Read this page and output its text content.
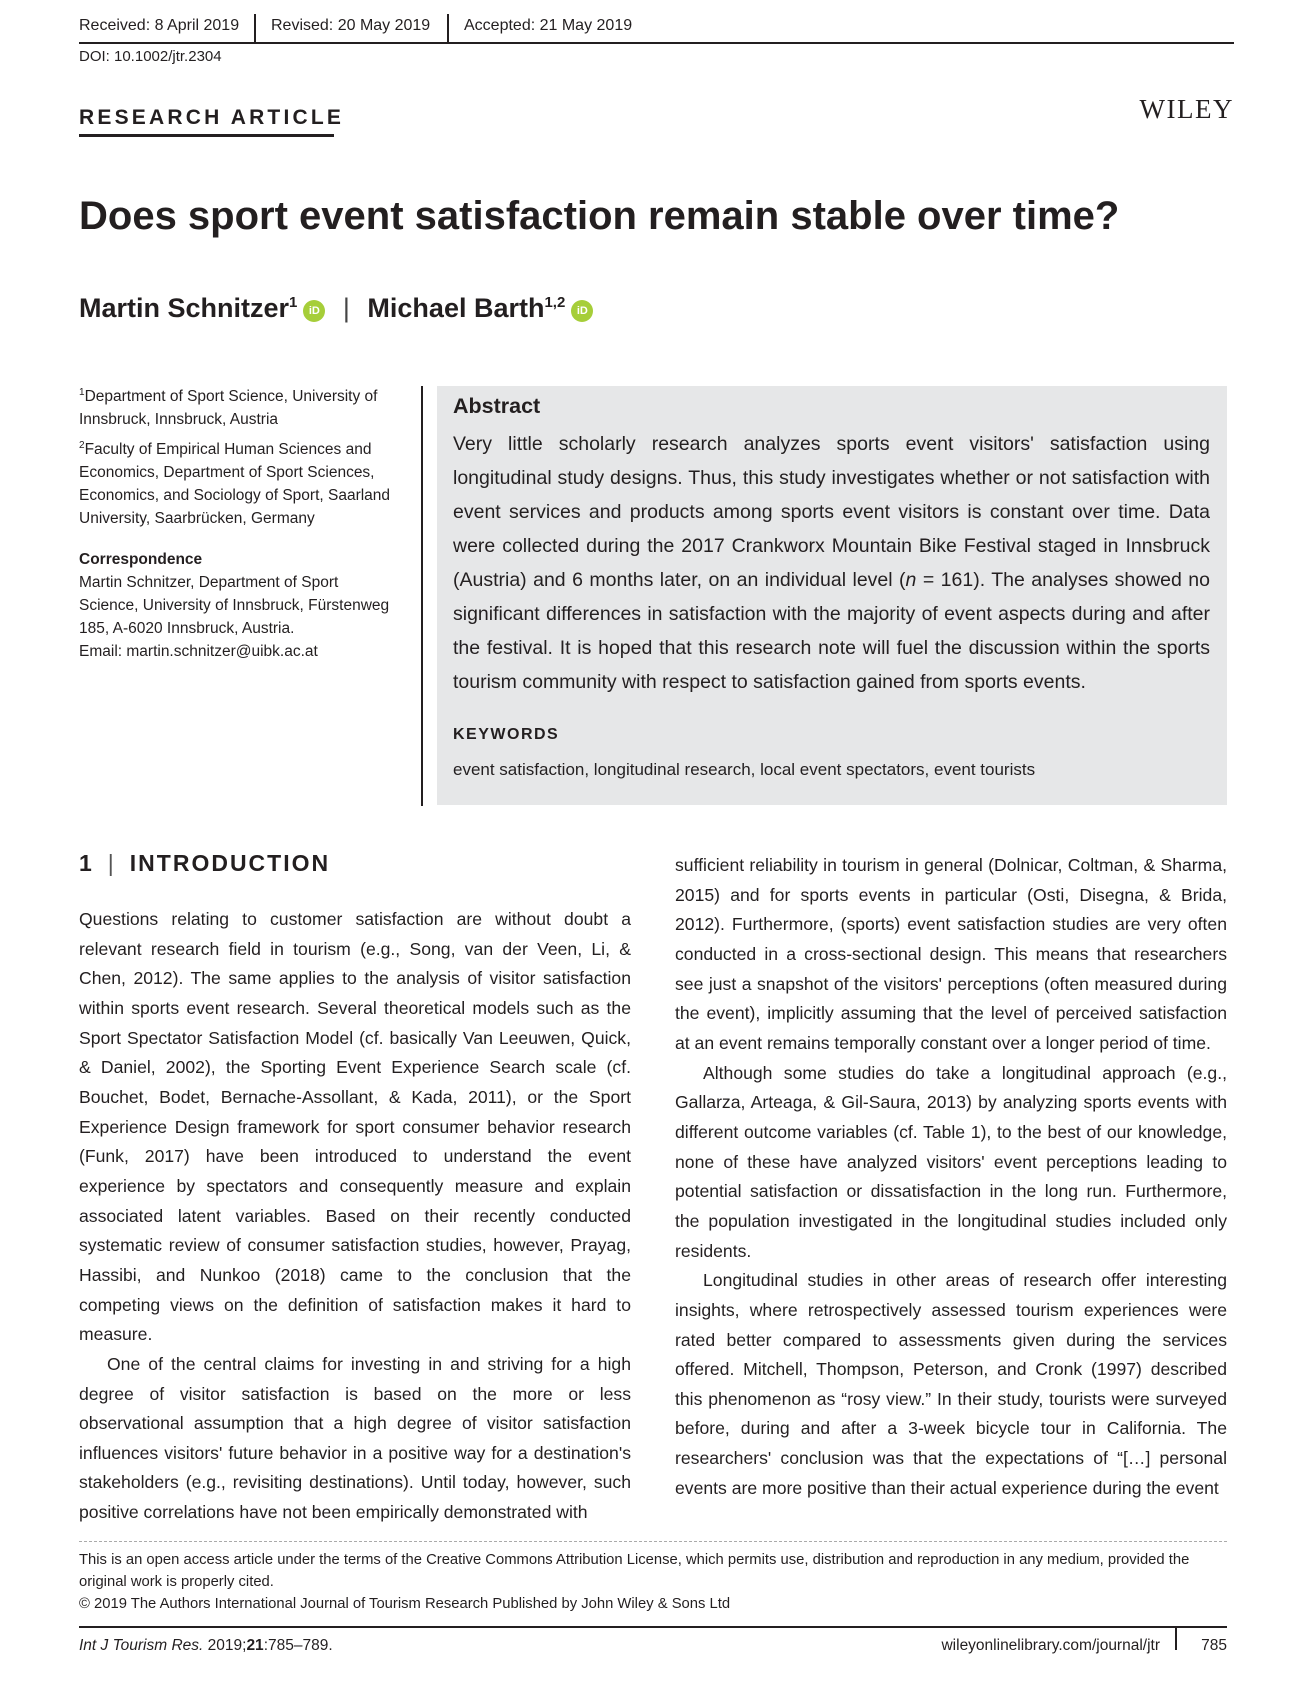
Received: 8 April 2019 Revised: 20 May 2019 Accepted: 21 May 2019
DOI: 10.1002/jtr.2304
RESEARCH ARTICLE	WILEY
Does sport event satisfaction remain stable over time?
Martin Schnitzer$^1$ iD | Michael Barth$^{1,2}$ iD
$^1$Department of Sport Science, University of Innsbruck, Innsbruck, Austria
$^2$Faculty of Empirical Human Sciences and Economics, Department of Sport Sciences, Economics, and Sociology of Sport, Saarland University, Saarbrücken, Germany
Correspondence
Martin Schnitzer, Department of Sport Science, University of Innsbruck, Fürstenweg 185, A-6020 Innsbruck, Austria.
Email: martin.schnitzer@uibk.ac.at
Abstract
Very little scholarly research analyzes sports event visitors' satisfaction using longitudinal study designs. Thus, this study investigates whether or not satisfaction with event services and products among sports event visitors is constant over time. Data were collected during the 2017 Crankworx Mountain Bike Festival staged in Innsbruck (Austria) and 6 months later, on an individual level (n = 161). The analyses showed no significant differences in satisfaction with the majority of event aspects during and after the festival. It is hoped that this research note will fuel the discussion within the sports tourism community with respect to satisfaction gained from sports events.
KEYWORDS
event satisfaction, longitudinal research, local event spectators, event tourists
1 | INTRODUCTION

Questions relating to customer satisfaction are without doubt a relevant research field in tourism (e.g., Song, van der Veen, Li, & Chen, 2012). The same applies to the analysis of visitor satisfaction within sports event research. Several theoretical models such as the Sport Spectator Satisfaction Model (cf. basically Van Leeuwen, Quick, & Daniel, 2002), the Sporting Event Experience Search scale (cf. Bouchet, Bodet, Bernache-Assollant, & Kada, 2011), or the Sport Experience Design framework for sport consumer behavior research (Funk, 2017) have been introduced to understand the event experience by spectators and consequently measure and explain associated latent variables. Based on their recently conducted systematic review of consumer satisfaction studies, however, Prayag, Hassibi, and Nunkoo (2018) came to the conclusion that the competing views on the definition of satisfaction makes it hard to measure.

One of the central claims for investing in and striving for a high degree of visitor satisfaction is based on the more or less observational assumption that a high degree of visitor satisfaction influences visitors' future behavior in a positive way for a destination's stakeholders (e.g., revisiting destinations). Until today, however, such positive correlations have not been empirically demonstrated with

sufficient reliability in tourism in general (Dolnicar, Coltman, & Sharma, 2015) and for sports events in particular (Osti, Disegna, & Brida, 2012). Furthermore, (sports) event satisfaction studies are very often conducted in a cross-sectional design. This means that researchers see just a snapshot of the visitors' perceptions (often measured during the event), implicitly assuming that the level of perceived satisfaction at an event remains temporally constant over a longer period of time.

Although some studies do take a longitudinal approach (e.g., Gallarza, Arteaga, & Gil-Saura, 2013) by analyzing sports events with different outcome variables (cf. Table 1), to the best of our knowledge, none of these have analyzed visitors' event perceptions leading to potential satisfaction or dissatisfaction in the long run. Furthermore, the population investigated in the longitudinal studies included only residents.

Longitudinal studies in other areas of research offer interesting insights, where retrospectively assessed tourism experiences were rated better compared to assessments given during the services offered. Mitchell, Thompson, Peterson, and Cronk (1997) described this phenomenon as “rosy view.” In their study, tourists were surveyed before, during and after a 3-week bicycle tour in California. The researchers' conclusion was that the expectations of “[…] personal events are more positive than their actual experience during the event

This is an open access article under the terms of the Creative Commons Attribution License, which permits use, distribution and reproduction in any medium, provided the original work is properly cited.
© 2019 The Authors International Journal of Tourism Research Published by John Wiley & Sons Ltd
Int J Tourism Res. 2019;21:785–789.	wileyonlinelibrary.com/journal/jtr	785
